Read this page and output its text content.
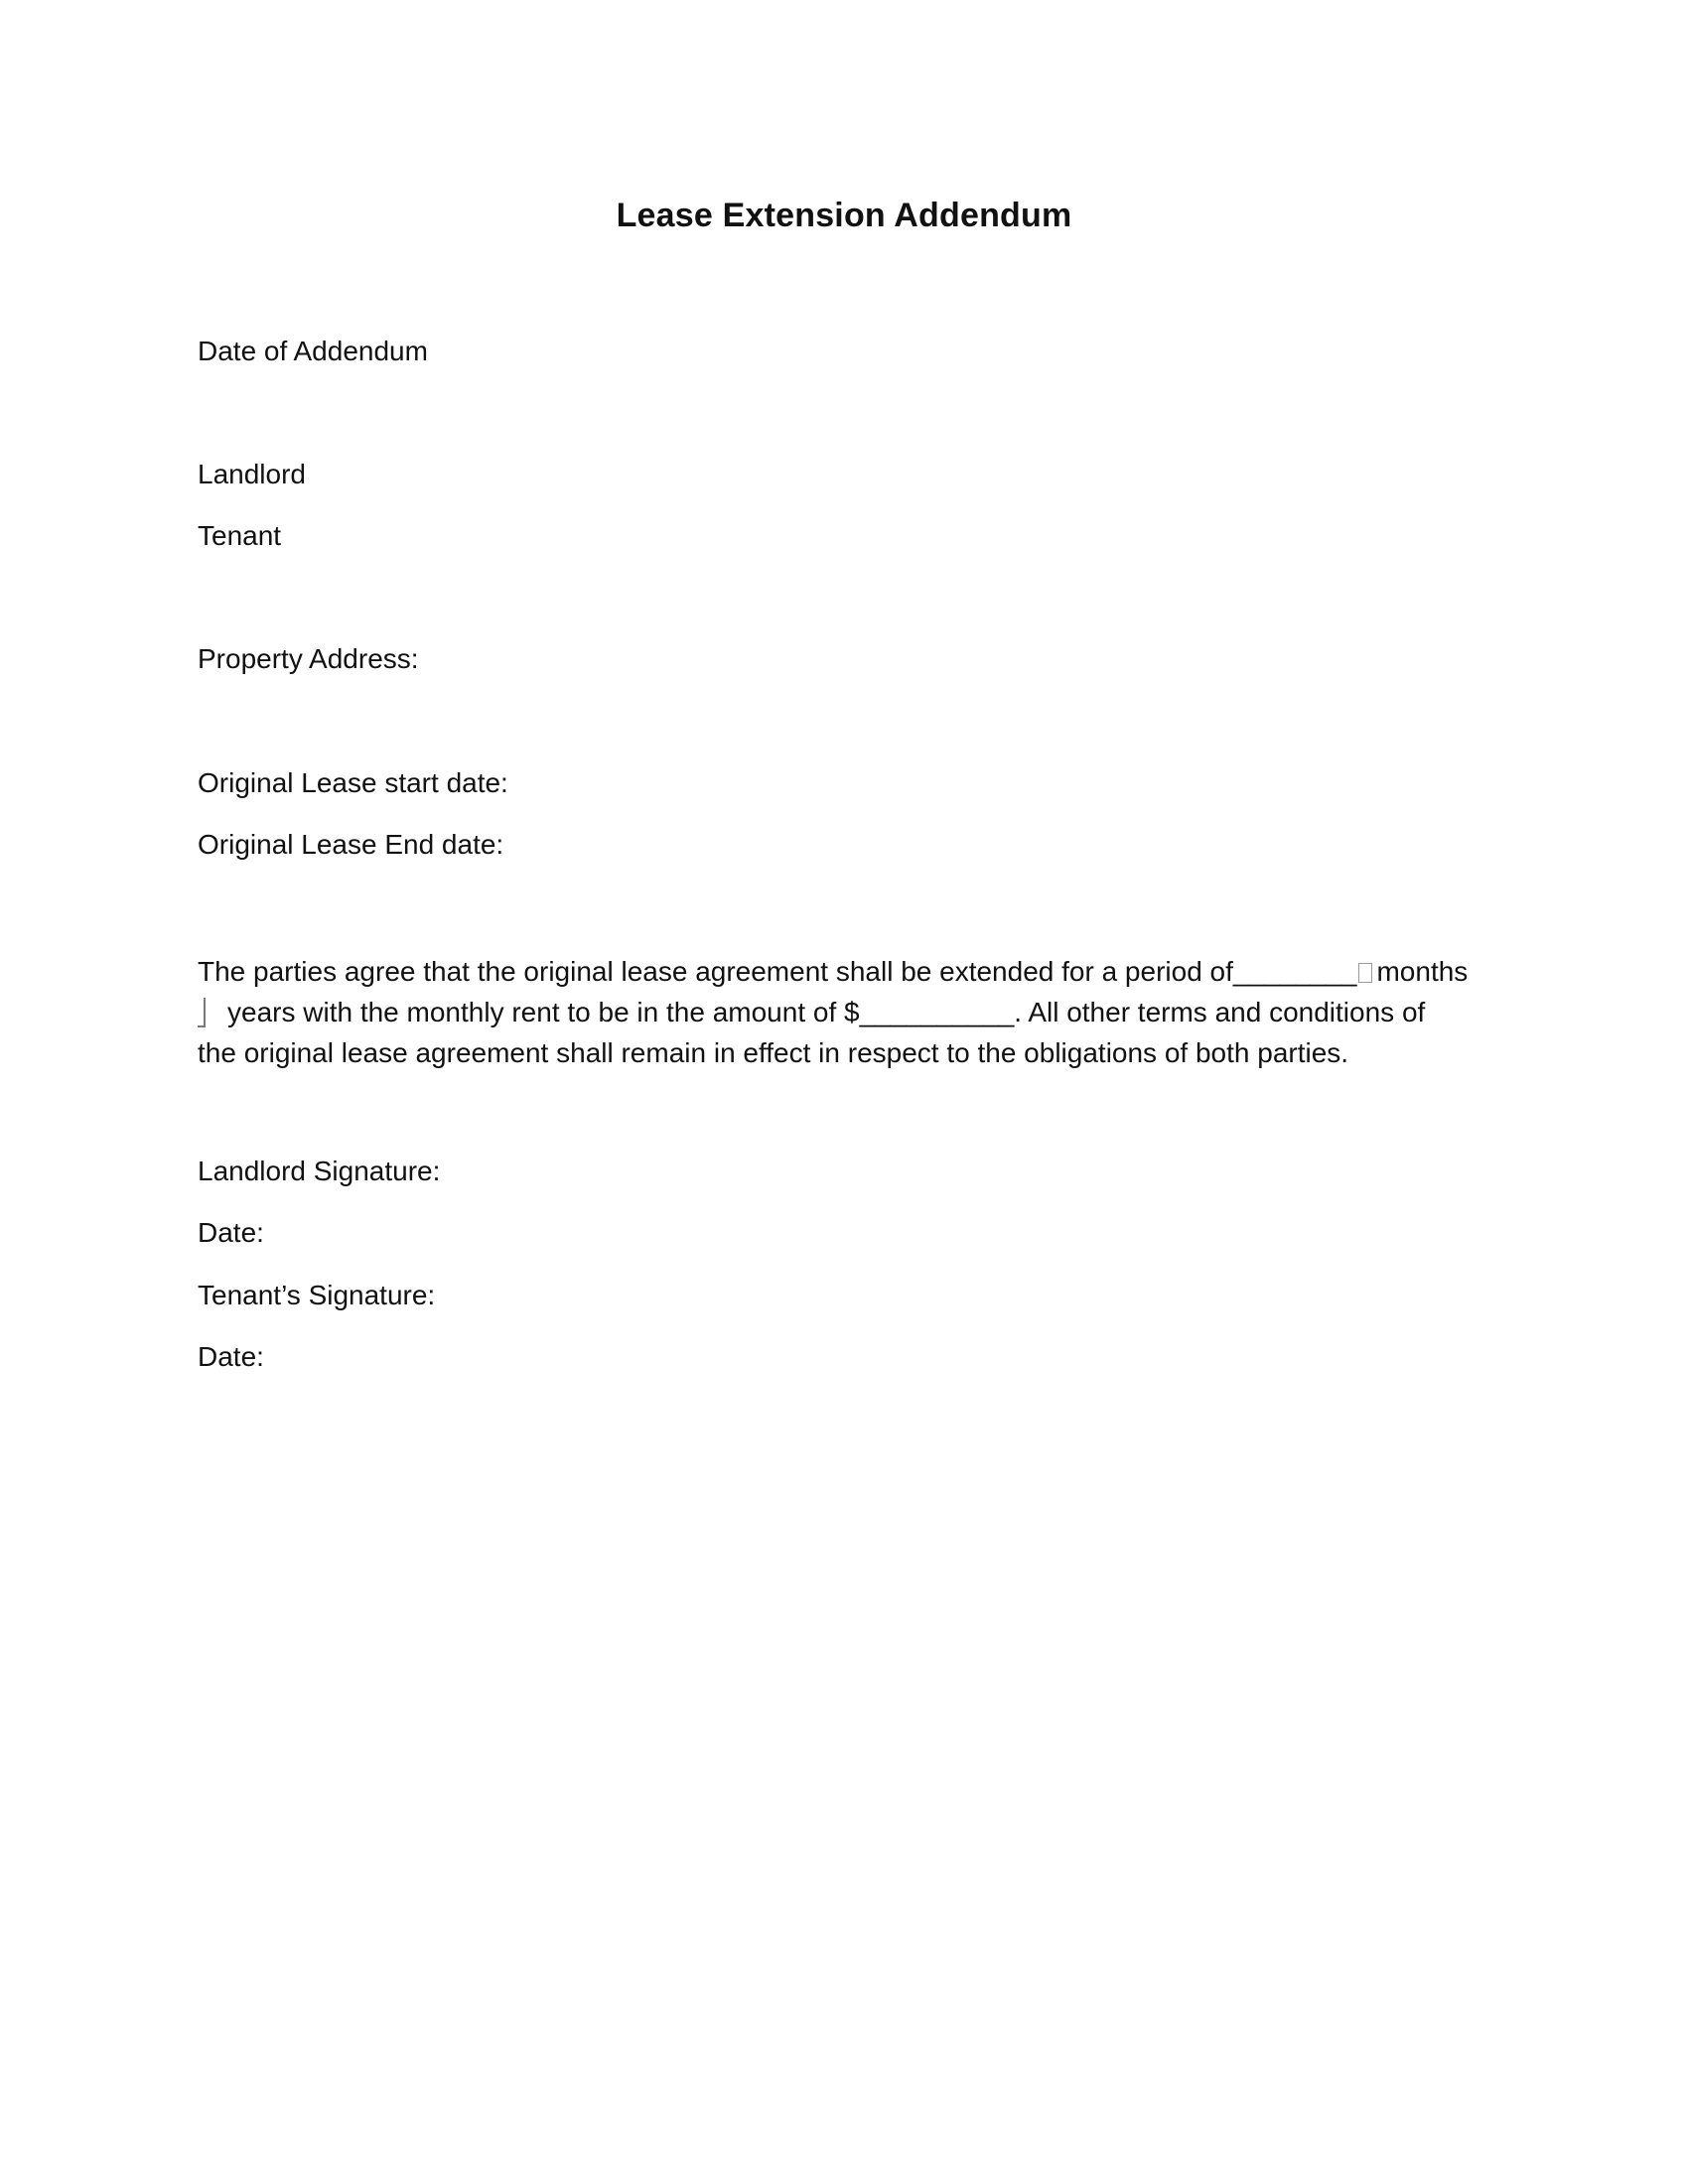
Lease Extension Addendum
Date of Addendum
Landlord
Tenant
Property Address:
Original Lease start date:
Original Lease End date:
The parties agree that the original lease agreement shall be extended for a period of________ months
years with the monthly rent to be in the amount of $__________. All other terms and conditions of
the original lease agreement shall remain in effect in respect to the obligations of both parties.
Landlord Signature:
Date:
Tenant’s Signature:
Date:
